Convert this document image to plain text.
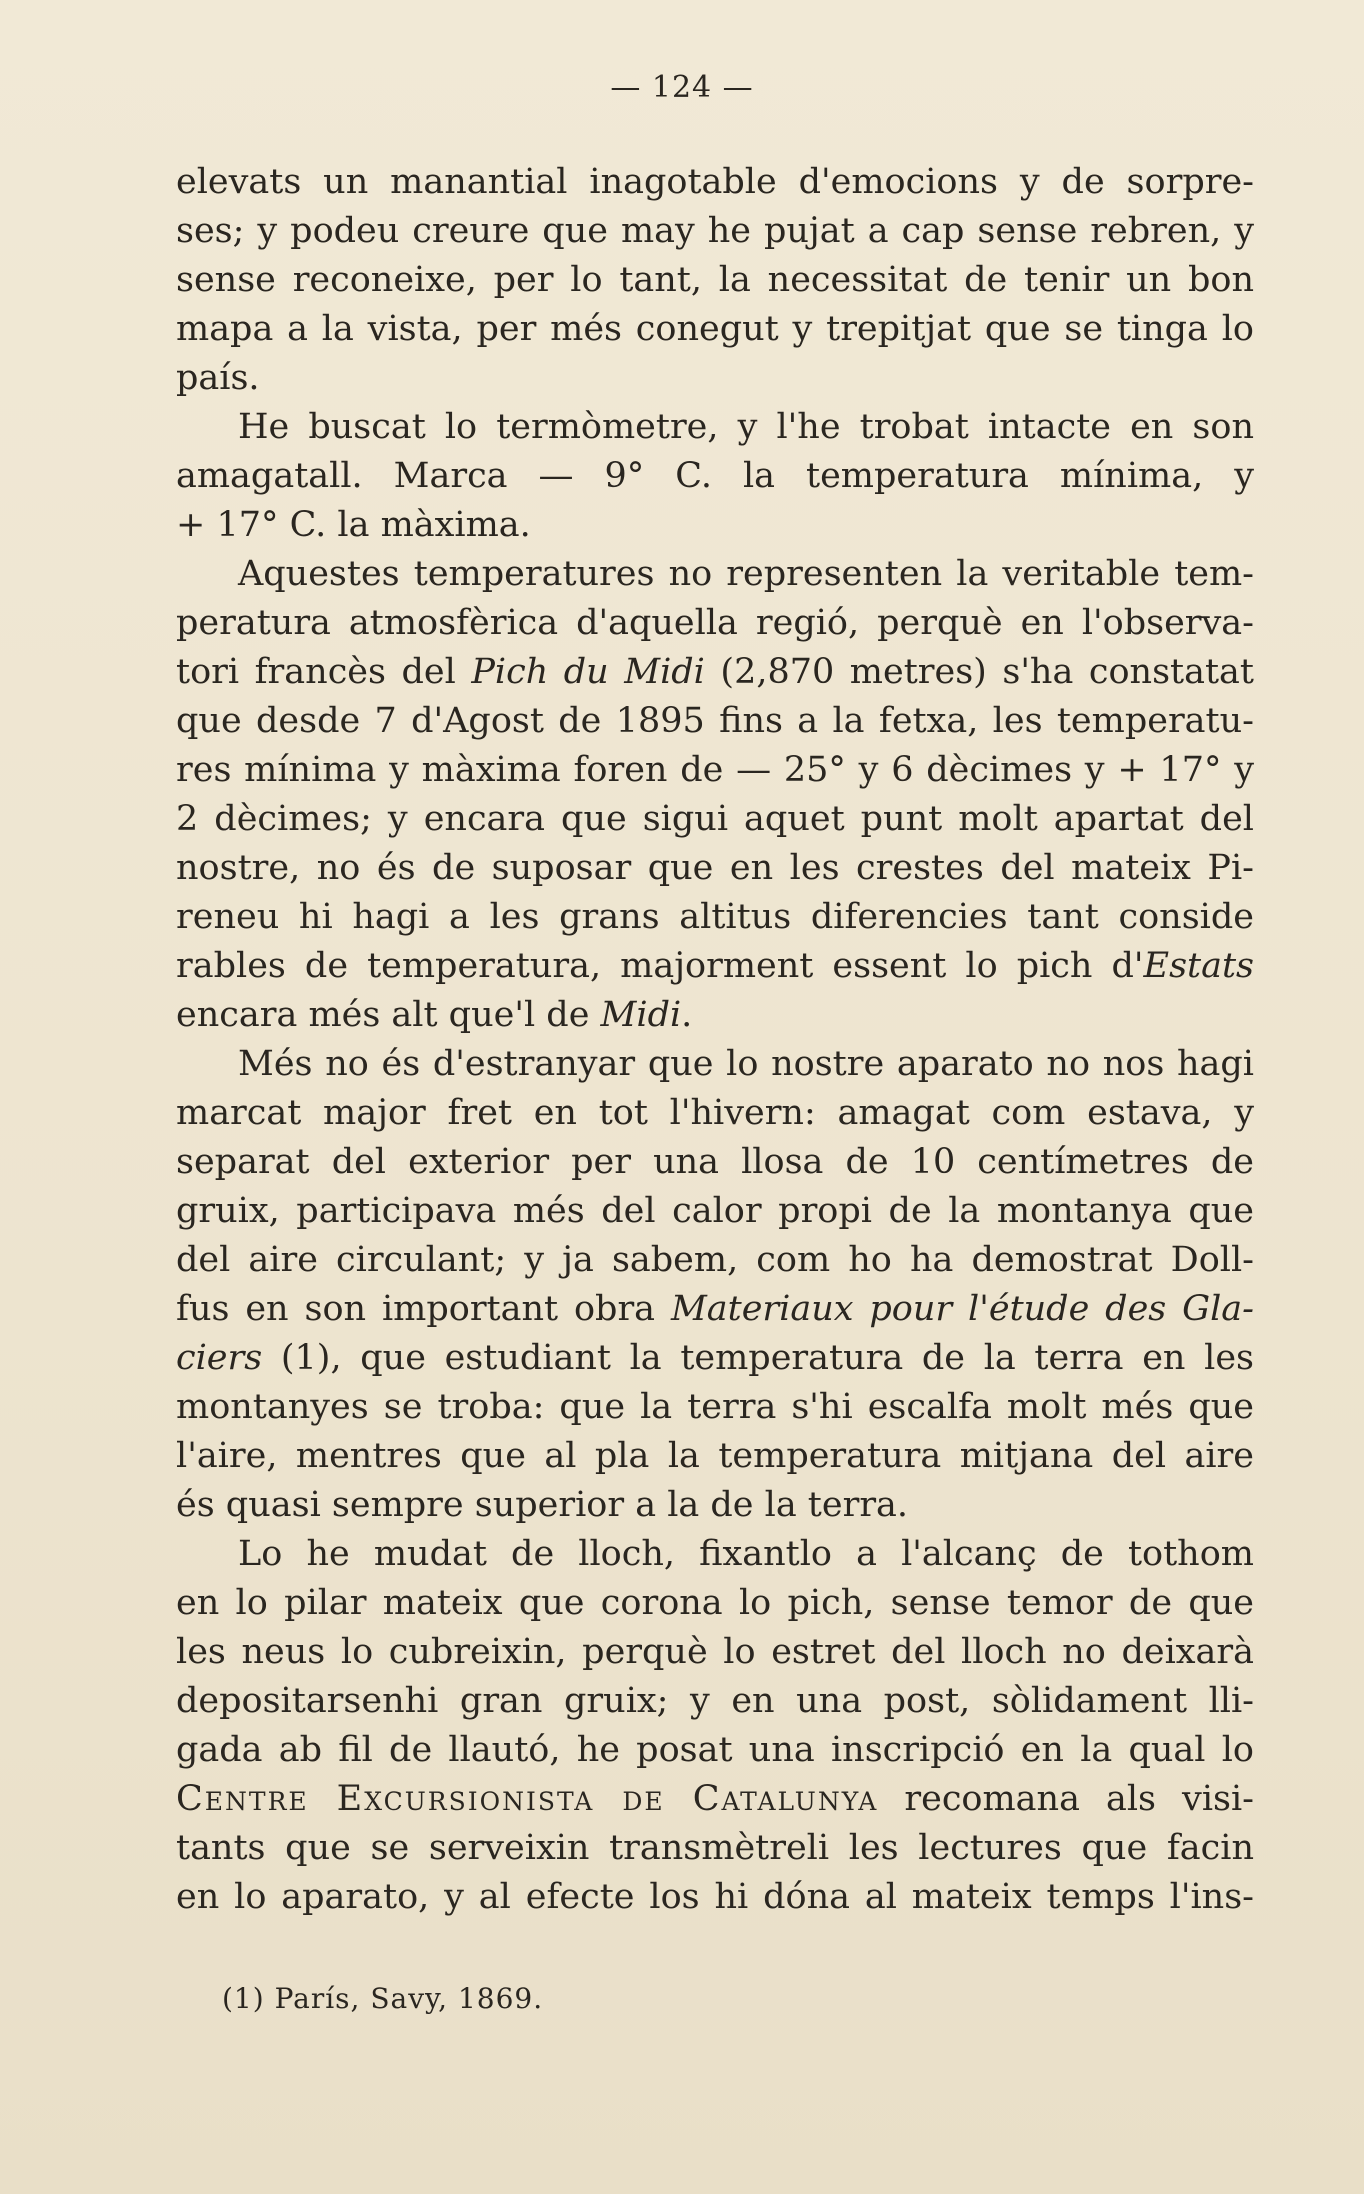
— 124 —
elevats un manantial inagotable d'emocions y de sorpre-
ses; y podeu creure que may he pujat a cap sense rebren, y
sense reconeixe, per lo tant, la necessitat de tenir un bon
mapa a la vista, per més conegut y trepitjat que se tinga lo
país.
He buscat lo termòmetre, y l'he trobat intacte en son
amagatall. Marca — 9° C. la temperatura mínima, y
+ 17° C. la màxima.
Aquestes temperatures no representen la veritable tem-
peratura atmosfèrica d'aquella regió, perquè en l'observa-
tori francès del Pich du Midi (2,870 metres) s'ha constatat
que desde 7 d'Agost de 1895 fins a la fetxa, les temperatu-
res mínima y màxima foren de — 25° y 6 dècimes y + 17° y
2 dècimes; y encara que sigui aquet punt molt apartat del
nostre, no és de suposar que en les crestes del mateix Pi-
reneu hi hagi a les grans altitus diferencies tant conside
rables de temperatura, majorment essent lo pich d'Estats
encara més alt que'l de Midi.
Més no és d'estranyar que lo nostre aparato no nos hagi
marcat major fret en tot l'hivern: amagat com estava, y
separat del exterior per una llosa de 10 centímetres de
gruix, participava més del calor propi de la montanya que
del aire circulant; y ja sabem, com ho ha demostrat Doll-
fus en son important obra Materiaux pour l'étude des Gla-
ciers (1), que estudiant la temperatura de la terra en les
montanyes se troba: que la terra s'hi escalfa molt més que
l'aire, mentres que al pla la temperatura mitjana del aire
és quasi sempre superior a la de la terra.
Lo he mudat de lloch, fixantlo a l'alcanç de tothom
en lo pilar mateix que corona lo pich, sense temor de que
les neus lo cubreixin, perquè lo estret del lloch no deixarà
depositarsenhi gran gruix; y en una post, sòlidament lli-
gada ab fil de llautó, he posat una inscripció en la qual lo
Centre Excursionista de Catalunya recomana als visi-
tants que se serveixin transmètreli les lectures que facin
en lo aparato, y al efecte los hi dóna al mateix temps l'ins-
(1) París, Savy, 1869.
